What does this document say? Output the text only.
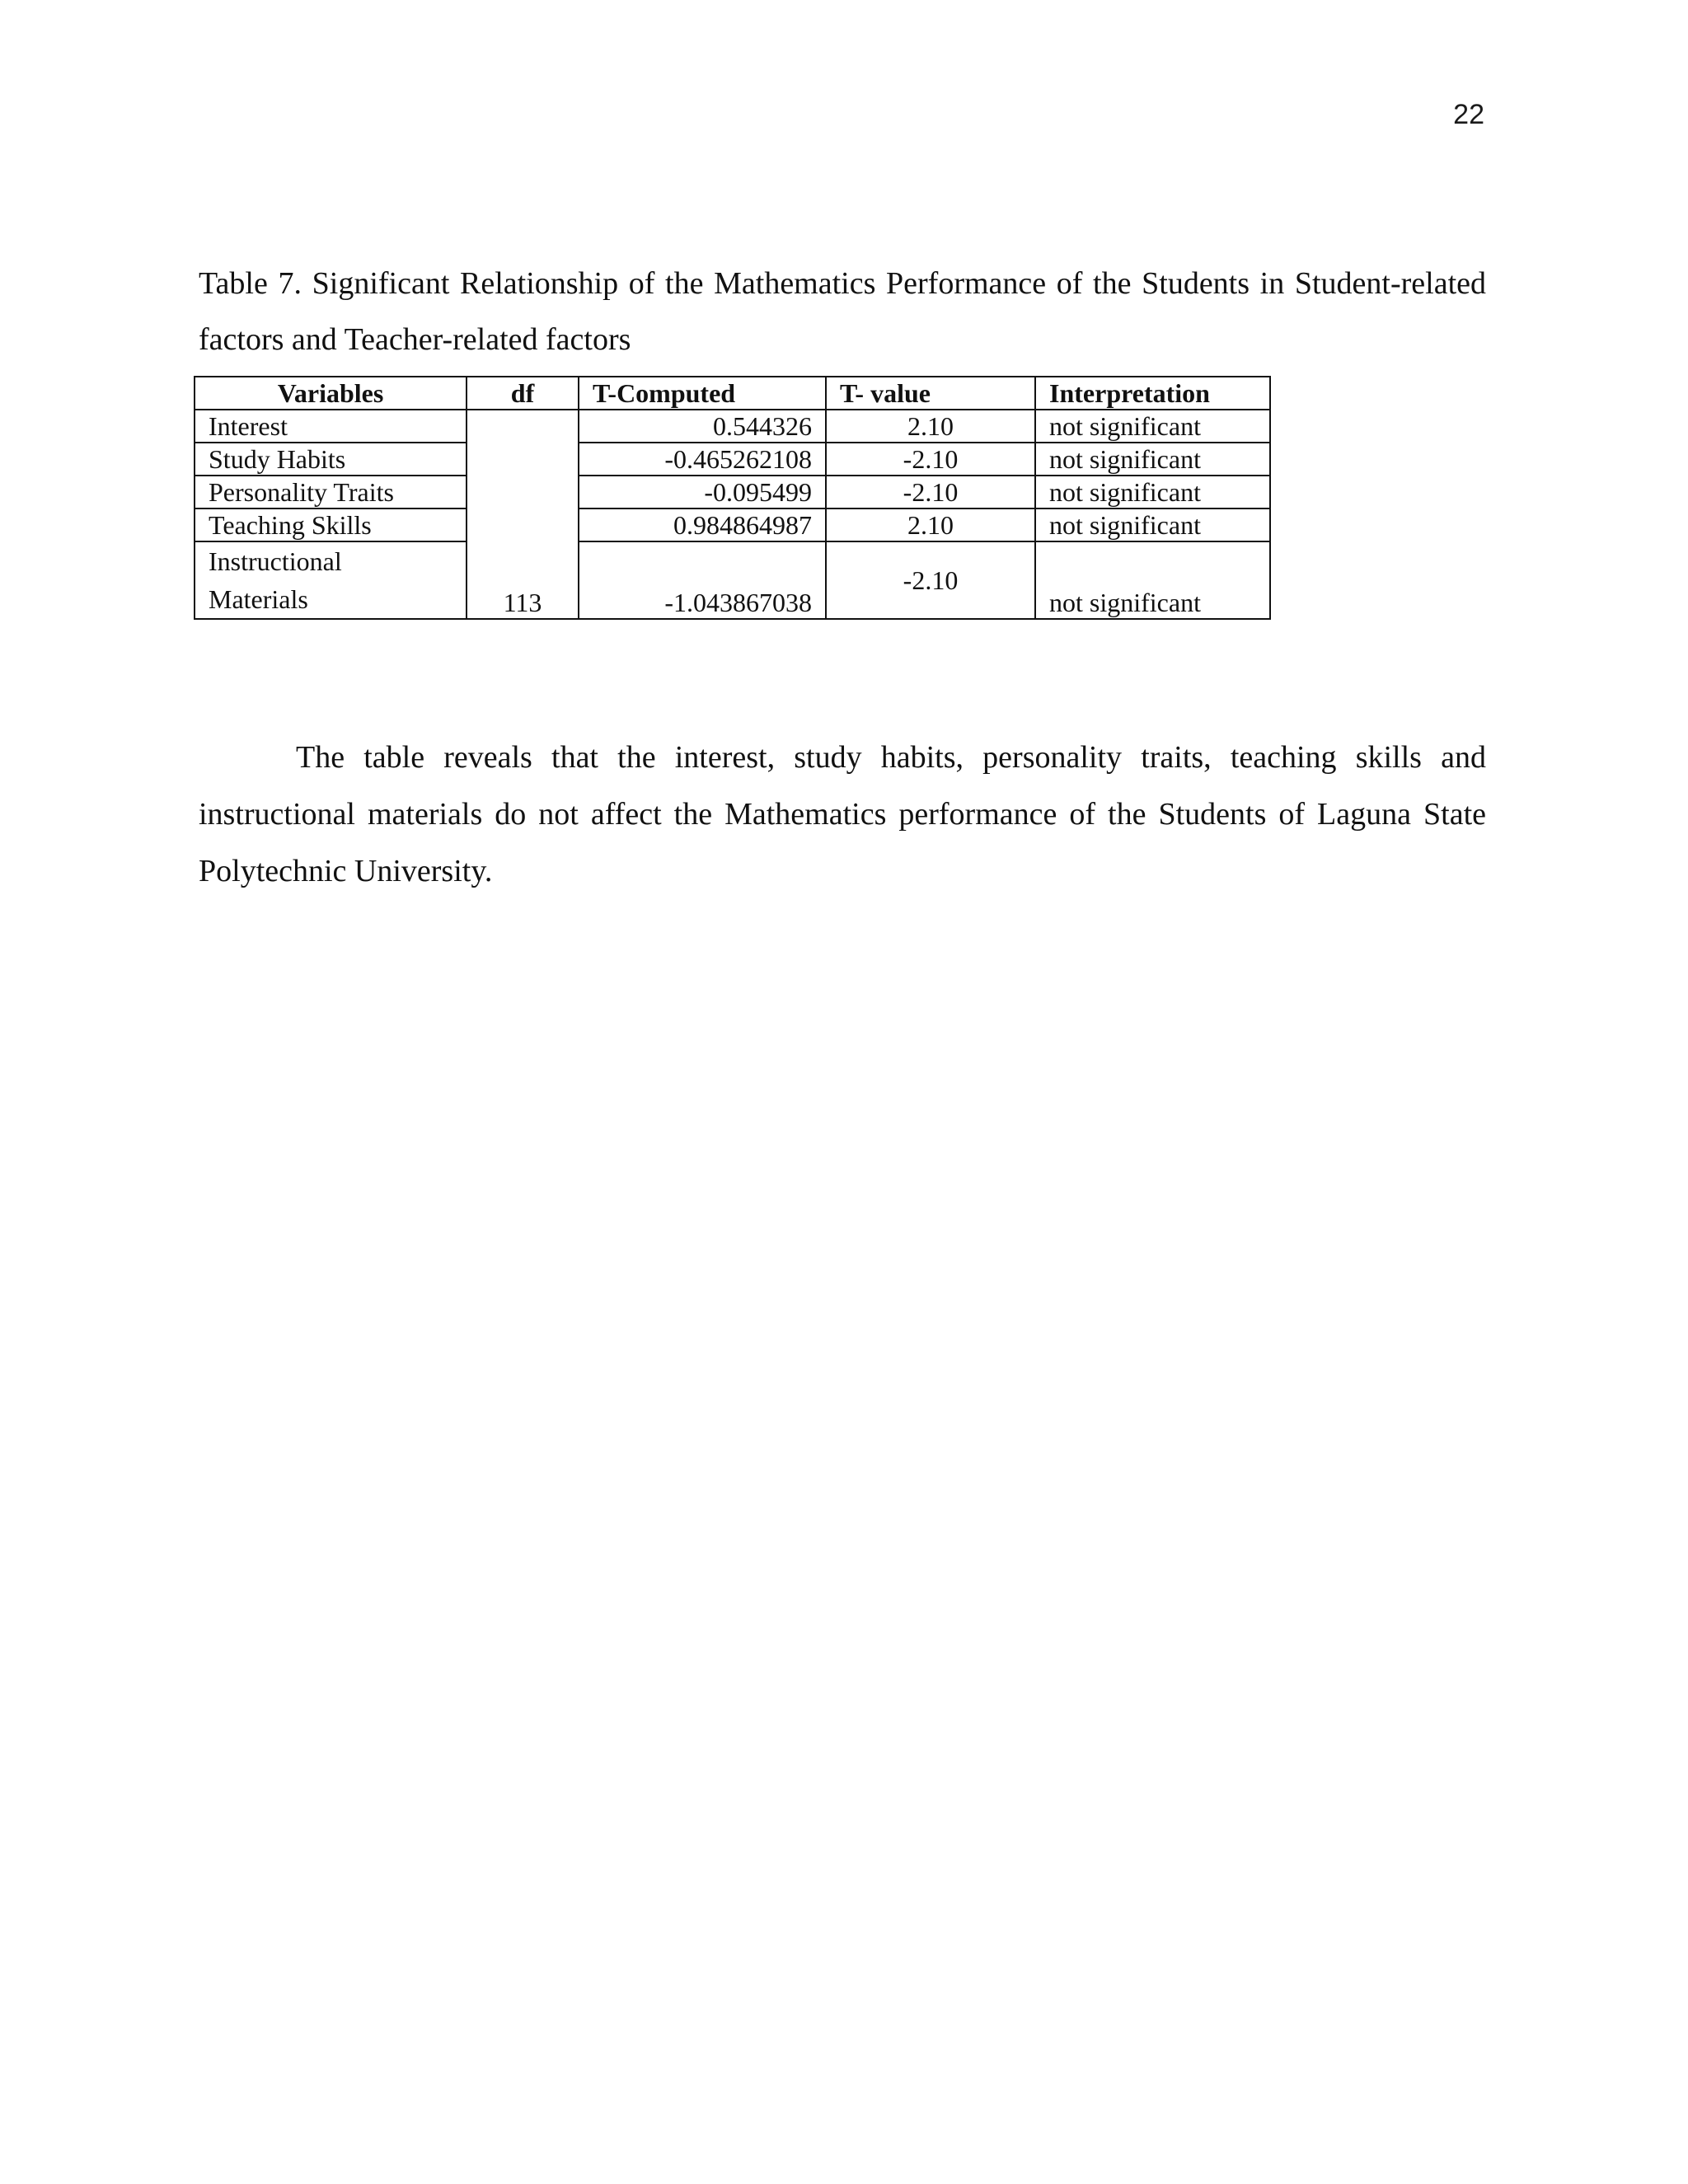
22
Table 7. Significant Relationship of the Mathematics Performance of the Students in Student-related factors and Teacher-related factors
Variables	df	T-Computed	T- value	Interpretation
Interest	113	0.544326	2.10	not significant
Study Habits		-0.465262108	-2.10	not significant
Personality Traits		-0.095499	-2.10	not significant
Teaching Skills		0.984864987	2.10	not significant

Instructional
Materials		-1.043867038	-2.10	not significant
The table reveals that the interest, study habits, personality traits, teaching skills and instructional materials do not affect the Mathematics performance of the Students of Laguna State Polytechnic University.
